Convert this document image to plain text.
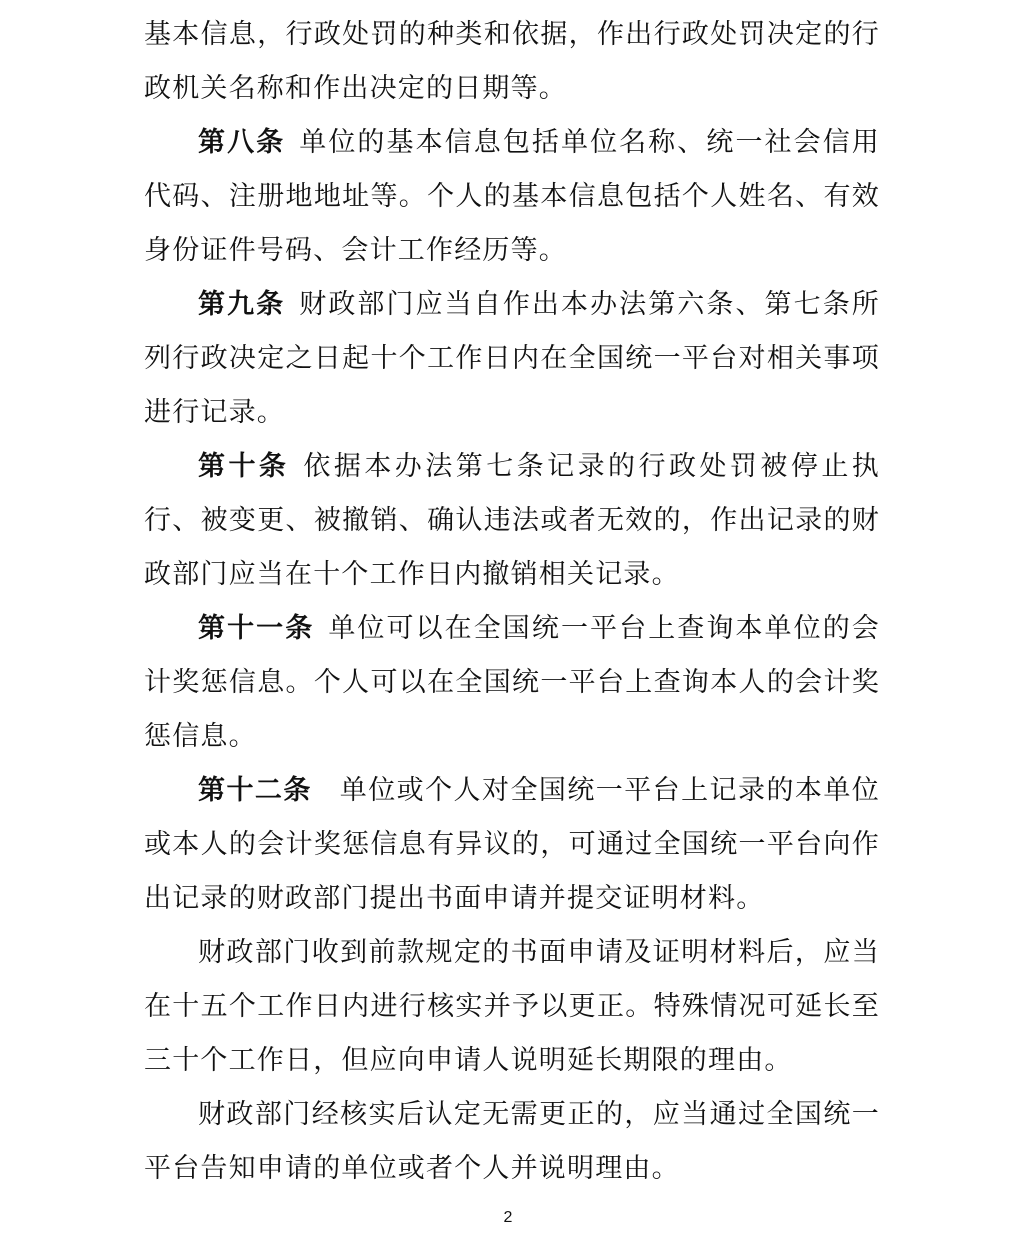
基本信息，行政处罚的种类和依据，作出行政处罚决定的行政机关名称和作出决定的日期等。

第八条 单位的基本信息包括单位名称、统一社会信用代码、注册地地址等。个人的基本信息包括个人姓名、有效身份证件号码、会计工作经历等。

第九条 财政部门应当自作出本办法第六条、第七条所列行政决定之日起十个工作日内在全国统一平台对相关事项进行记录。

第十条 依据本办法第七条记录的行政处罚被停止执行、被变更、被撤销、确认违法或者无效的，作出记录的财政部门应当在十个工作日内撤销相关记录。

第十一条 单位可以在全国统一平台上查询本单位的会计奖惩信息。个人可以在全国统一平台上查询本人的会计奖惩信息。

第十二条 单位或个人对全国统一平台上记录的本单位或本人的会计奖惩信息有异议的，可通过全国统一平台向作出记录的财政部门提出书面申请并提交证明材料。

财政部门收到前款规定的书面申请及证明材料后，应当在十五个工作日内进行核实并予以更正。特殊情况可延长至三十个工作日，但应向申请人说明延长期限的理由。

财政部门经核实后认定无需更正的，应当通过全国统一平台告知申请的单位或者个人并说明理由。

2
